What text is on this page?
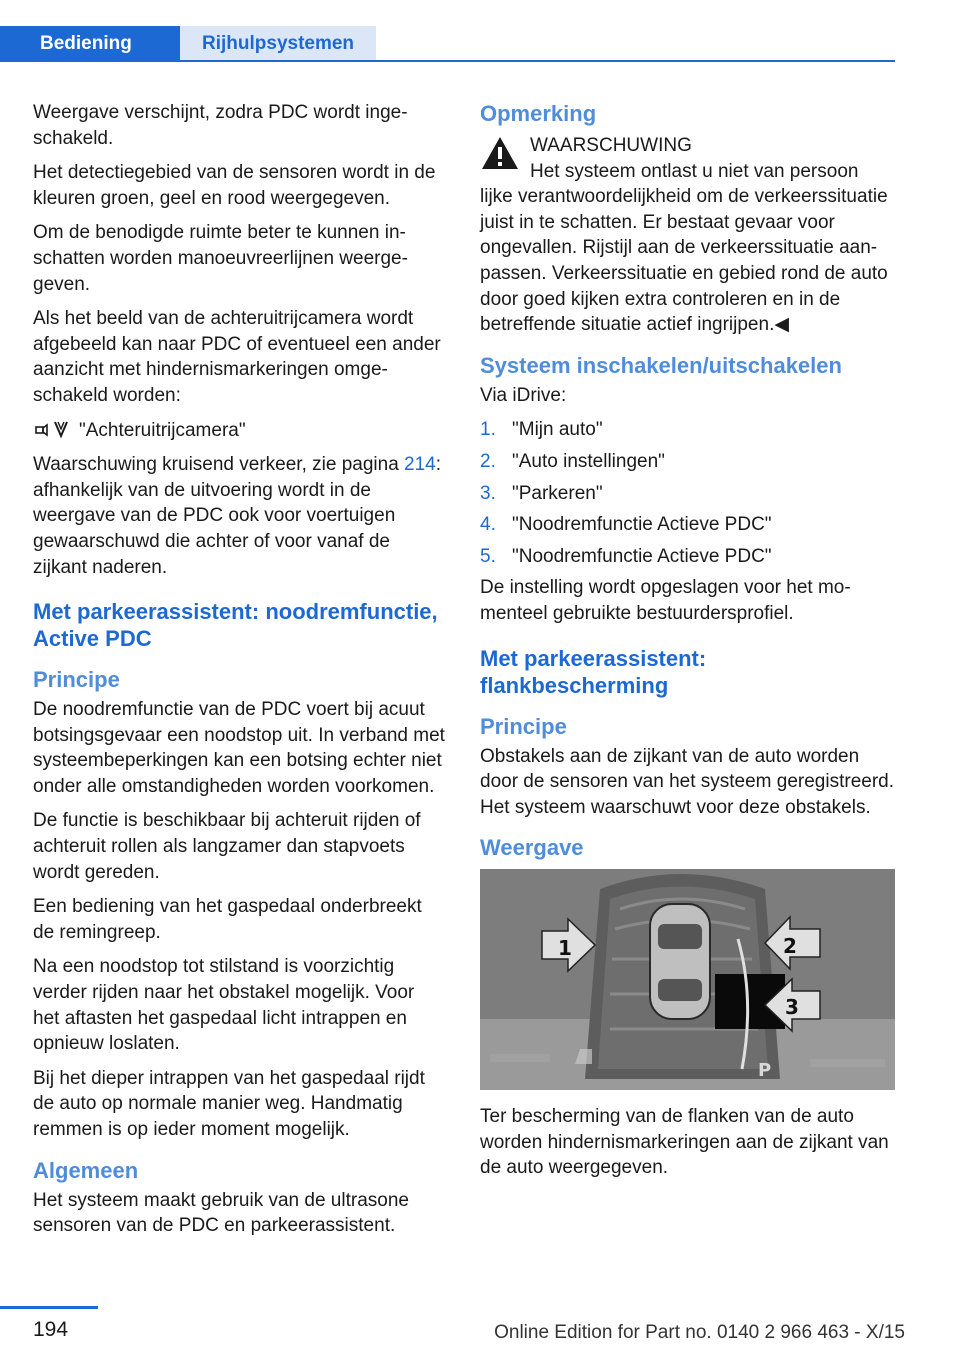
Bediening	Rijhulpsystemen

Weergave verschijnt, zodra PDC wordt ingeschakeld.

Het detectiegebied van de sensoren wordt in de kleuren groen, geel en rood weergegeven.

Om de benodigde ruimte beter te kunnen inschatten worden manoeuvreerlijnen weergegeven.

Als het beeld van de achteruitrijcamera wordt afgebeeld kan naar PDC of eventueel een ander aanzicht met hindernismarkeringen omgeschakeld worden:

"Achteruitrijcamera"

Waarschuwing kruisend verkeer, zie pagina 214: afhankelijk van de uitvoering wordt in de weergave van de PDC ook voor voertuigen gewaarschuwd die achter of voor vanaf de zijkant naderen.

Met parkeerassistent: noodremfunctie, Active PDC
Principe

De noodremfunctie van de PDC voert bij acuut botsingsgevaar een noodstop uit. In verband met systeembeperkingen kan een botsing echter niet onder alle omstandigheden worden voorkomen.

De functie is beschikbaar bij achteruit rijden of achteruit rollen als langzamer dan stapvoets wordt gereden.

Een bediening van het gaspedaal onderbreekt de remingreep.

Na een noodstop tot stilstand is voorzichtig verder rijden naar het obstakel mogelijk. Voor het aftasten het gaspedaal licht intrappen en opnieuw loslaten.

Bij het dieper intrappen van het gaspedaal rijdt de auto op normale manier weg. Handmatig remmen is op ieder moment mogelijk.

Algemeen

Het systeem maakt gebruik van de ultrasone sensoren van de PDC en parkeerassistent.

Opmerking

WAARSCHUWING

Het systeem ontlast u niet van persoon

lijke verantwoordelijkheid om de verkeerssituatie juist in te schatten. Er bestaat gevaar voor ongevallen. Rijstijl aan de verkeerssituatie aanpassen. Verkeerssituatie en gebied rond de auto door goed kijken extra controleren en in de betreffende situatie actief ingrijpen.◀

Systeem inschakelen/uitschakelen

Via iDrive:

1. "Mijn auto"
2. "Auto instellingen"
3. "Parkeren"
4. "Noodremfunctie Actieve PDC"
5. "Noodremfunctie Actieve PDC"

De instelling wordt opgeslagen voor het momenteel gebruikte bestuurdersprofiel.

Met parkeerassistent: flankbescherming
Principe

Obstakels aan de zijkant van de auto worden door de sensoren van het systeem geregistreerd. Het systeem waarschuwt voor deze obstakels.

Weergave
1	2
3
P

Ter bescherming van de flanken van de auto worden hindernismarkeringen aan de zijkant van de auto weergegeven.

194	Online Edition for Part no. 0140 2 966 463 - X/15
